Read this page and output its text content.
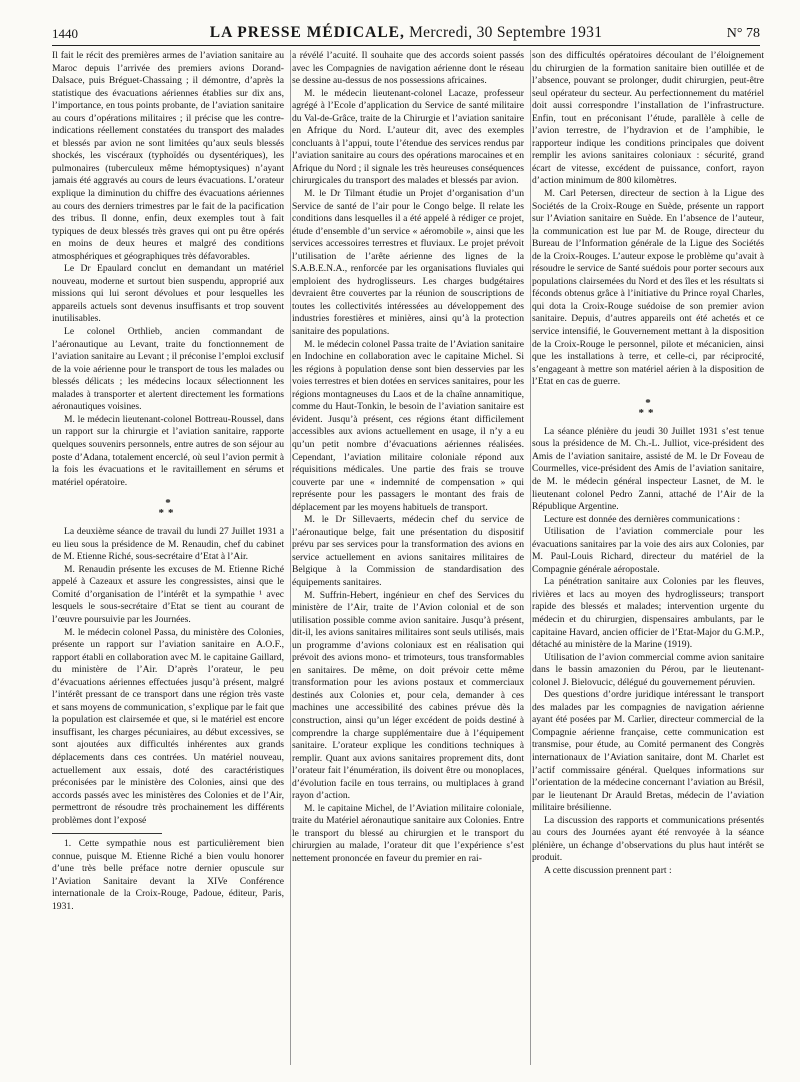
1440	LA PRESSE MÉDICALE, Mercredi, 30 Septembre 1931	N° 78

Il fait le récit des premières armes de l’aviation sanitaire au Maroc depuis l’arrivée des premiers avions Dorand-Dalsace, puis Bréguet-Chassaing ; il démontre, d’après la statistique des évacuations aériennes établies sur dix ans, l’importance, en tous points probante, de l’aviation sanitaire au cours d’opérations militaires ; il précise que les contre-indications réellement constatées du transport des malades et blessés par avion ne sont limitées qu’aux seuls blessés shockés, les viscéraux (typhoïdés ou dysentériques), les pulmonaires (tuberculeux même hémoptysiques) n’ayant jamais été aggravés au cours de leurs évacuations. L’orateur explique la diminution du chiffre des évacuations aériennes au cours des derniers trimestres par le fait de la pacification des tribus. Il donne, enfin, deux exemples tout à fait typiques de deux blessés très graves qui ont pu être opérés en moins de deux heures et malgré des conditions atmosphériques et géographiques très défavorables.

Le Dr Epaulard conclut en demandant un matériel nouveau, moderne et surtout bien suspendu, approprié aux missions qui lui seront dévolues et pour lesquelles les appareils actuels sont devenus insuffisants et trop souvent inutilisables.

Le colonel Orthlieb, ancien commandant de l’aéronautique au Levant, traite du fonctionnement de l’aviation sanitaire au Levant ; il préconise l’emploi exclusif de la voie aérienne pour le transport de tous les malades ou blessés délicats ; les médecins locaux sélectionnent les malades à transporter et alertent directement les formations aéronautiques voisines.

M. le médecin lieutenant-colonel Bottreau-Roussel, dans un rapport sur la chirurgie et l’aviation sanitaire, rapporte quelques souvenirs personnels, entre autres de son séjour au poste d’Adana, totalement encerclé, où seul l’avion permit à la fois les évacuations et le ravitaillement en sérums et matériel opératoire.

*
**

La deuxième séance de travail du lundi 27 Juillet 1931 a eu lieu sous la présidence de M. Renaudin, chef du cabinet de M. Etienne Riché, sous-secrétaire d’Etat à l’Air.

M. Renaudin présente les excuses de M. Etienne Riché appelé à Cazeaux et assure les congressistes, ainsi que le Comité d’organisation de l’intérêt et la sympathie ¹ avec lesquels le sous-secrétaire d’Etat se tient au courant de l’œuvre poursuivie par les Journées.

M. le médecin colonel Passa, du ministère des Colonies, présente un rapport sur l’aviation sanitaire en A.O.F., rapport établi en collaboration avec M. le capitaine Gaillard, du ministère de l’Air. D’après l’orateur, le peu d’évacuations aériennes effectuées jusqu’à présent, malgré l’intérêt pressant de ce transport dans une région très vaste et sans moyens de communication, s’explique par le fait que la population est clairsemée et que, si le matériel est encore insuffisant, les charges pécuniaires, au début excessives, se sont ajoutées aux difficultés inhérentes aux grands déplacements dans ces contrées. Un matériel nouveau, actuellement aux essais, doté des caractéristiques préconisées par le ministère des Colonies, ainsi que des accords passés avec les ministères des Colonies et de l’Air, permettront de résoudre très prochainement les différents problèmes dont l’exposé

1. Cette sympathie nous est particulièrement bien connue, puisque M. Etienne Riché a bien voulu honorer d’une très belle préface notre dernier opuscule sur l’Aviation Sanitaire devant la XIVe Conférence internationale de la Croix-Rouge, Padoue, éditeur, Paris, 1931.

a révélé l’acuité. Il souhaite que des accords soient passés avec les Compagnies de navigation aérienne dont le réseau se dessine au-dessus de nos possessions africaines.

M. le médecin lieutenant-colonel Lacaze, professeur agrégé à l’Ecole d’application du Service de santé militaire du Val-de-Grâce, traite de la Chirurgie et l’aviation sanitaire en Afrique du Nord. L’auteur dit, avec des exemples concluants à l’appui, toute l’étendue des services rendus par l’aviation sanitaire au cours des opérations marocaines et en Afrique du Nord ; il signale les très heureuses conséquences chirurgicales du transport des malades et blessés par avion.

M. le Dr Tilmant étudie un Projet d’organisation d’un Service de santé de l’air pour le Congo belge. Il relate les conditions dans lesquelles il a été appelé à rédiger ce projet, étude d’ensemble d’un service « aéromobile », ainsi que les services accessoires terrestres et fluviaux. Le projet prévoit l’utilisation de l’arête aérienne des lignes de la S.A.B.E.N.A., renforcée par les organisations fluviales qui emploient des hydroglisseurs. Les charges budgétaires devraient être couvertes par la réunion de souscriptions de toutes les collectivités intéressées au développement des industries forestières et minières, ainsi qu’à la protection sanitaire des populations.

M. le médecin colonel Passa traite de l’Aviation sanitaire en Indochine en collaboration avec le capitaine Michel. Si les régions à population dense sont bien desservies par les voies terrestres et bien dotées en services sanitaires, pour les régions montagneuses du Laos et de la chaîne annamitique, comme du Haut-Tonkin, le besoin de l’aviation sanitaire est évident. Jusqu’à présent, ces régions étant difficilement accessibles aux avions actuellement en usage, il n’y a eu qu’un petit nombre d’évacuations aériennes réalisées. Cependant, l’aviation militaire coloniale répond aux réquisitions médicales. Une partie des frais se trouve couverte par une « indemnité de compensation » qui représente pour les passagers le montant des frais de déplacement par les moyens habituels de transport.

M. le Dr Sillevaerts, médecin chef du service de l’aéronautique belge, fait une présentation du dispositif prévu par ses services pour la transformation des avions en service actuellement en avions sanitaires militaires de Belgique à la Commission de standardisation des équipements sanitaires.

M. Suffrin-Hebert, ingénieur en chef des Services du ministère de l’Air, traite de l’Avion colonial et de son utilisation possible comme avion sanitaire. Jusqu’à présent, dit-il, les avions sanitaires militaires sont seuls utilisés, mais un programme d’avions coloniaux est en réalisation qui prévoit des avions mono- et trimoteurs, tous transformables en sanitaires. De même, on doit prévoir cette même transformation pour les avions postaux et commerciaux destinés aux Colonies et, pour cela, demander à ces machines une accessibilité des cabines prévue dès la construction, ainsi qu’un léger excédent de poids destiné à comprendre la charge supplémentaire due à l’équipement sanitaire. L’orateur explique les conditions techniques à remplir. Quant aux avions sanitaires proprement dits, dont l’orateur fait l’énumération, ils doivent être ou monoplaces, d’évolution facile en tous terrains, ou multiplaces à grand rayon d’action.

M. le capitaine Michel, de l’Aviation militaire coloniale, traite du Matériel aéronautique sanitaire aux Colonies. Entre le transport du blessé au chirurgien et le transport du chirurgien au malade, l’orateur dit que l’expérience s’est nettement prononcée en faveur du premier en rai-

son des difficultés opératoires découlant de l’éloignement du chirurgien de la formation sanitaire bien outillée et de l’absence, pouvant se prolonger, dudit chirurgien, peut-être seul opérateur du secteur. Au perfectionnement du matériel doit aussi correspondre l’installation de l’infrastructure. Enfin, tout en préconisant l’étude, parallèle à celle de l’avion terrestre, de l’hydravion et de l’amphibie, le rapporteur indique les conditions principales que doivent remplir les avions sanitaires coloniaux : sécurité, grand écart de vitesse, excédent de puissance, confort, rayon d’action minimum de 800 kilomètres.

M. Carl Petersen, directeur de section à la Ligue des Sociétés de la Croix-Rouge en Suède, présente un rapport sur l’Aviation sanitaire en Suède. En l’absence de l’auteur, la communication est lue par M. de Rouge, directeur du Bureau de l’Information générale de la Ligue des Sociétés de la Croix-Rouges. L’auteur expose le problème qu’avait à résoudre le service de Santé suédois pour porter secours aux populations clairsemées du Nord et des îles et les résultats si féconds obtenus grâce à l’initiative du Prince royal Charles, qui dota la Croix-Rouge suédoise de son premier avion sanitaire. Depuis, d’autres appareils ont été achetés et ce service intensifié, le Gouvernement mettant à la disposition de la Croix-Rouge le personnel, pilote et mécanicien, ainsi que les installations à terre, et celle-ci, par réciprocité, s’engageant à mettre son matériel aérien à la disposition de l’Etat en cas de guerre.

*
**

La séance plénière du jeudi 30 Juillet 1931 s’est tenue sous la présidence de M. Ch.-L. Julliot, vice-président des Amis de l’aviation sanitaire, assisté de M. le Dr Foveau de Courmelles, vice-président des Amis de l’aviation sanitaire, de M. le médecin général inspecteur Lasnet, de M. le lieutenant colonel Pedro Zanni, attaché de l’Air de la République Argentine.

Lecture est donnée des dernières communications :

Utilisation de l’aviation commerciale pour les évacuations sanitaires par la voie des airs aux Colonies, par M. Paul-Louis Richard, directeur du matériel de la Compagnie générale aéropostale.

La pénétration sanitaire aux Colonies par les fleuves, rivières et lacs au moyen des hydroglisseurs; transport rapide des blessés et malades; intervention urgente du médecin et du chirurgien, dispensaires ambulants, par le capitaine Havard, ancien officier de l’Etat-Major du G.M.P., détaché au ministère de la Marine (1919).

Utilisation de l’avion commercial comme avion sanitaire dans le bassin amazonien du Pérou, par le lieutenant-colonel J. Bielovucic, délégué du gouvernement péruvien.

Des questions d’ordre juridique intéressant le transport des malades par les compagnies de navigation aérienne ayant été posées par M. Carlier, directeur commercial de la Compagnie aérienne française, cette communication est transmise, pour étude, au Comité permanent des Congrès internationaux de l’Aviation sanitaire, dont M. Charlet est l’actif commissaire général. Quelques informations sur l’orientation de la médecine concernant l’aviation au Brésil, par le lieutenant Dr Arauld Bretas, médecin de l’aviation militaire brésilienne.

La discussion des rapports et communications présentés au cours des Journées ayant été renvoyée à la séance plénière, un échange d’observations du plus haut intérêt se produit.

A cette discussion prennent part :
